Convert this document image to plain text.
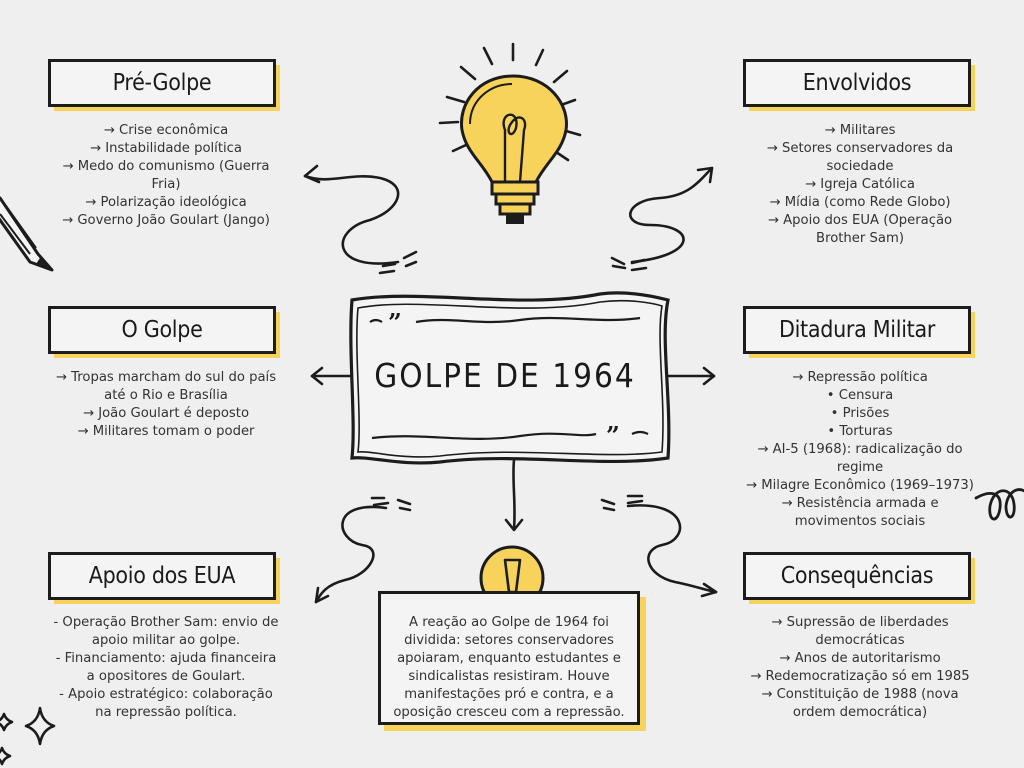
”
”
GOLPE DE 1964
Pré-Golpe
→ Crise econômica
→ Instabilidade política
→ Medo do comunismo (Guerra
Fria)
→ Polarização ideológica
→ Governo João Goulart (Jango)
Envolvidos
→ Militares
→ Setores conservadores da
sociedade
→ Igreja Católica
→ Mídia (como Rede Globo)
→ Apoio dos EUA (Operação
Brother Sam)
O Golpe
→ Tropas marcham do sul do país
até o Rio e Brasília
→ João Goulart é deposto
→ Militares tomam o poder
Ditadura Militar
→ Repressão política
• Censura
• Prisões
• Torturas
→ AI-5 (1968): radicalização do
regime
→ Milagre Econômico (1969–1973)
→ Resistência armada e
movimentos sociais
Apoio dos EUA
- Operação Brother Sam: envio de
apoio militar ao golpe.
- Financiamento: ajuda financeira
a opositores de Goulart.
- Apoio estratégico: colaboração
na repressão política.
Consequências
→ Supressão de liberdades
democráticas
→ Anos de autoritarismo
→ Redemocratização só em 1985
→ Constituição de 1988 (nova
ordem democrática)
A reação ao Golpe de 1964 foi dividida: setores conservadores apoiaram, enquanto estudantes e sindicalistas resistiram. Houve manifestações pró e contra, e a oposição cresceu com a repressão.
